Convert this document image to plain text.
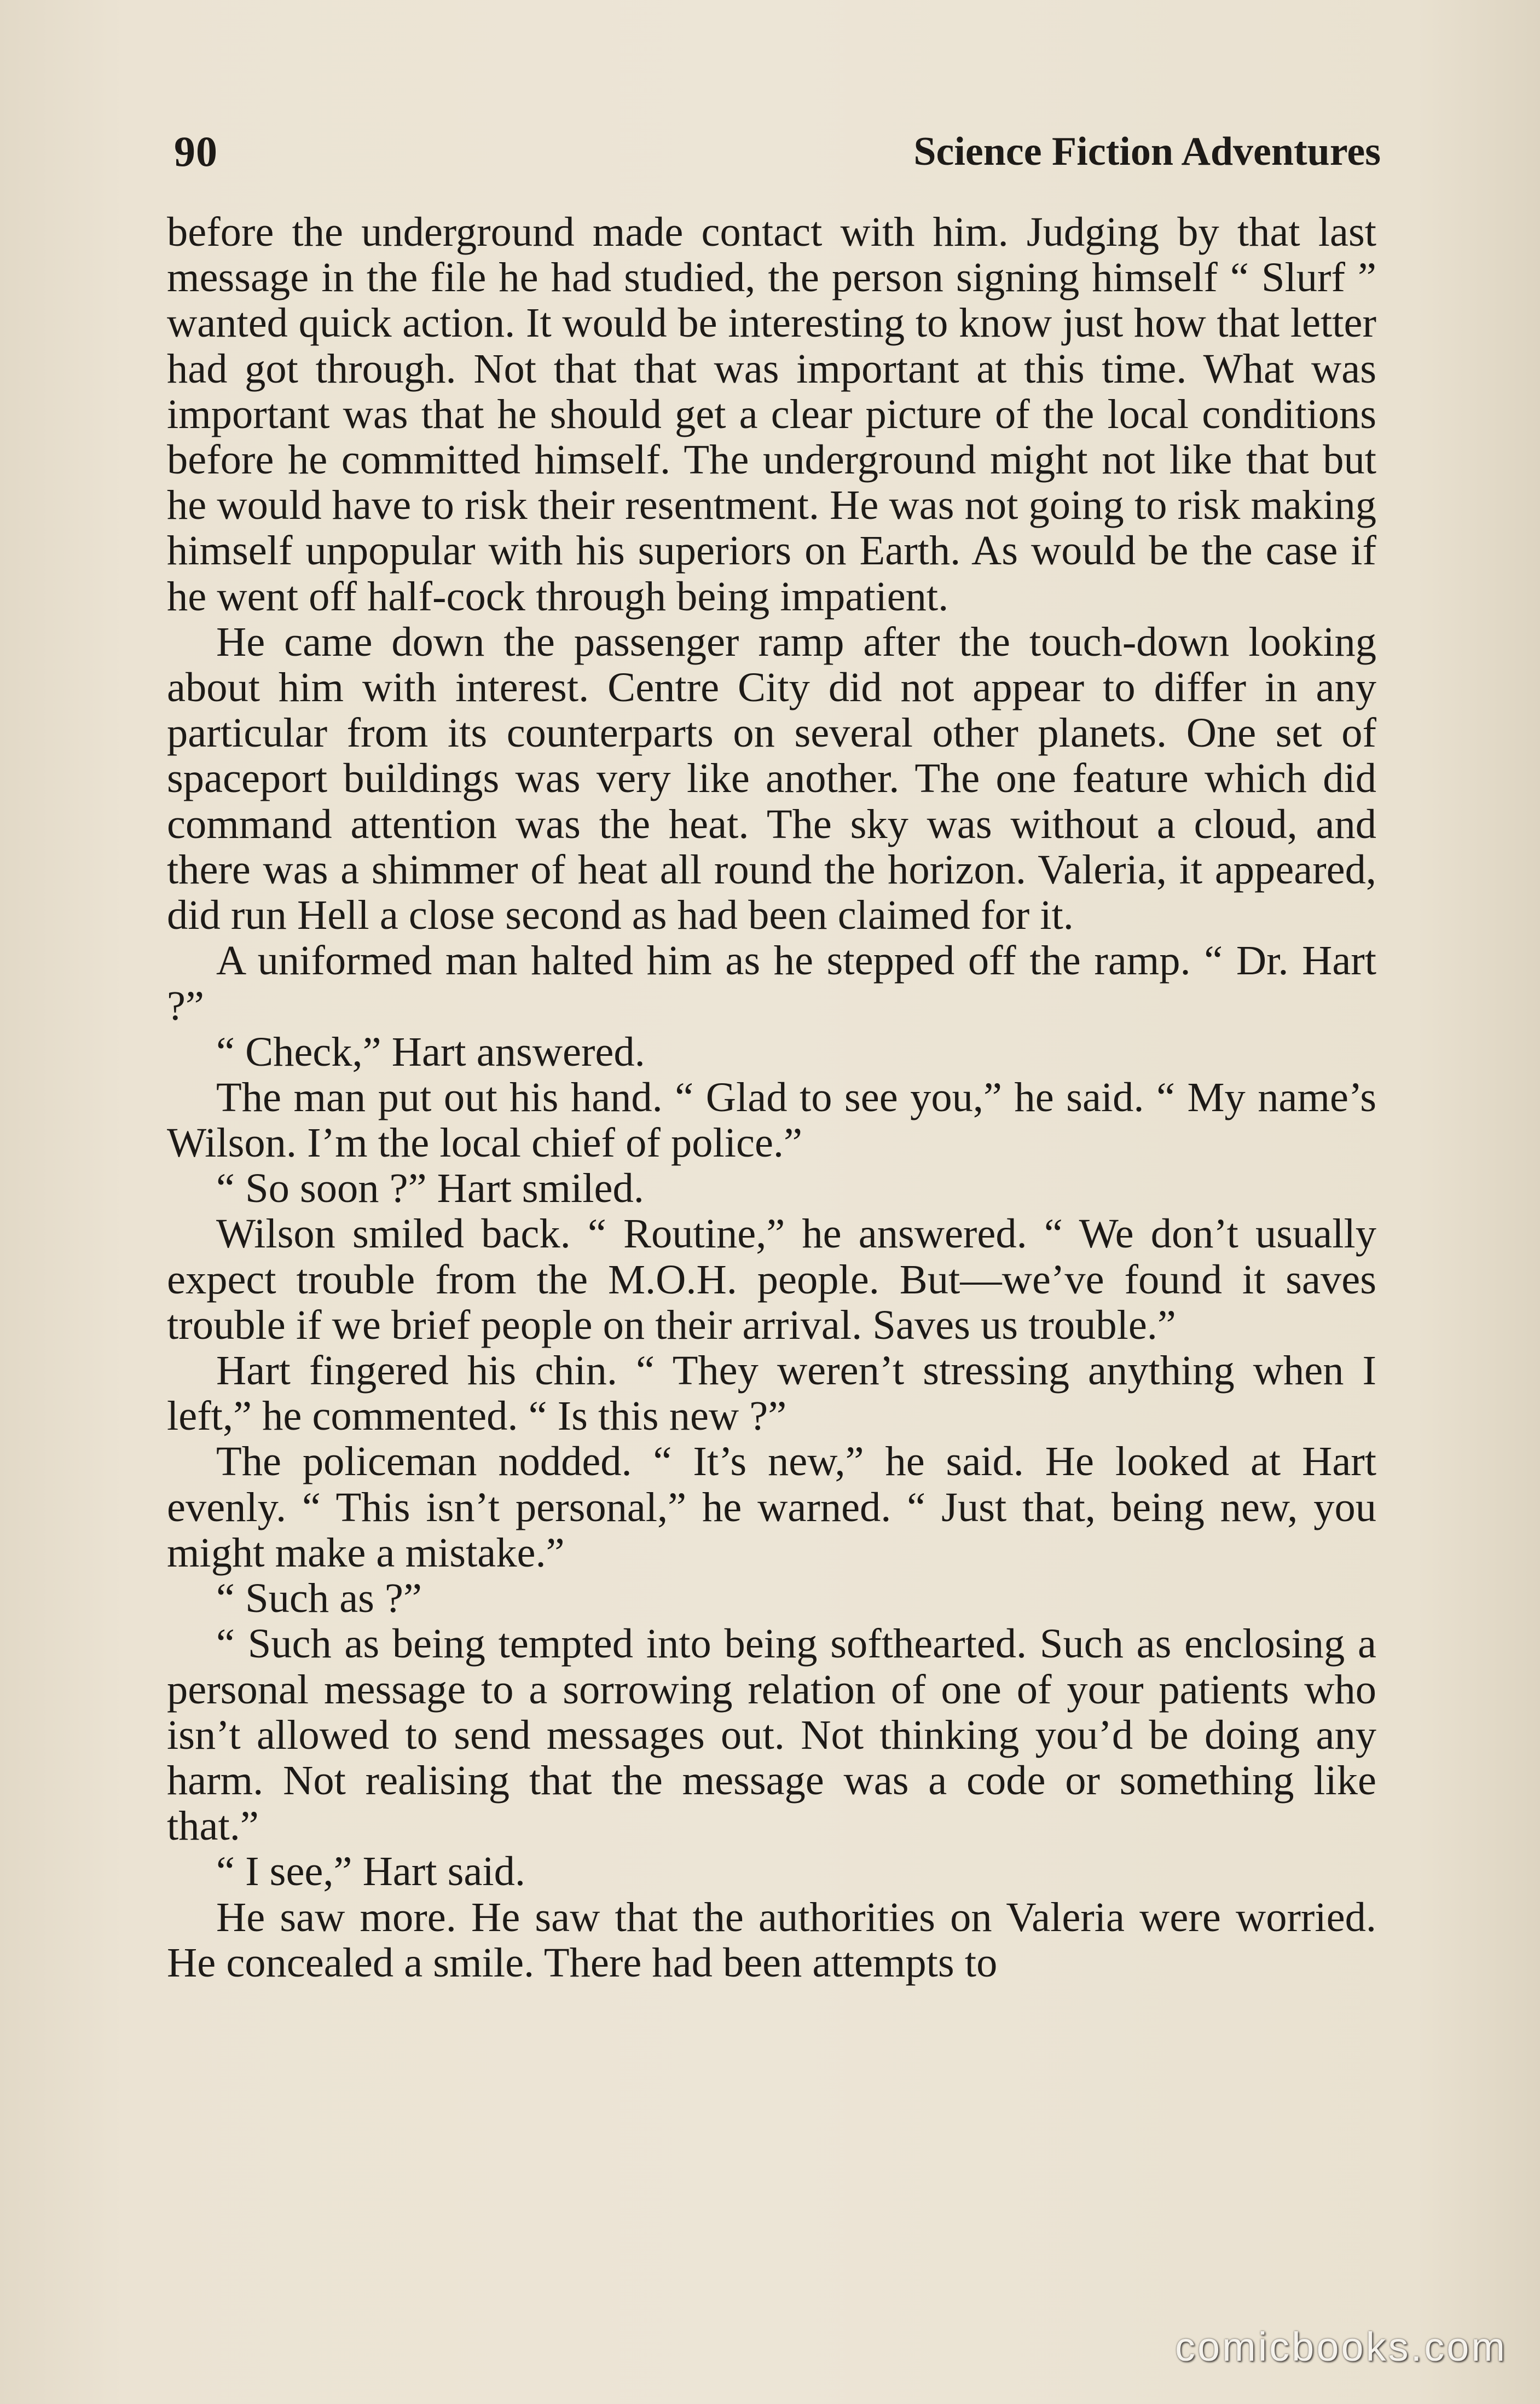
90	Science Fiction Adventures

before the underground made contact with him. Judging by that last message in the file he had studied, the person signing himself “ Slurf ” wanted quick action. It would be interesting to know just how that letter had got through. Not that that was important at this time. What was important was that he should get a clear picture of the local conditions before he committed himself. The underground might not like that but he would have to risk their resentment. He was not going to risk making himself unpopular with his superiors on Earth. As would be the case if he went off half-cock through being impatient.

He came down the passenger ramp after the touch-down looking about him with interest. Centre City did not appear to differ in any particular from its counterparts on several other planets. One set of spaceport buildings was very like another. The one feature which did command attention was the heat. The sky was without a cloud, and there was a shimmer of heat all round the horizon. Valeria, it appeared, did run Hell a close second as had been claimed for it.

A uniformed man halted him as he stepped off the ramp. “ Dr. Hart ?”

“ Check,” Hart answered.

The man put out his hand. “ Glad to see you,” he said. “ My name’s Wilson. I’m the local chief of police.”

“ So soon ?” Hart smiled.

Wilson smiled back. “ Routine,” he answered. “ We don’t usually expect trouble from the M.O.H. people. But—we’ve found it saves trouble if we brief people on their arrival. Saves us trouble.”

Hart fingered his chin. “ They weren’t stressing anything when I left,” he commented. “ Is this new ?”

The policeman nodded. “ It’s new,” he said. He looked at Hart evenly. “ This isn’t personal,” he warned. “ Just that, being new, you might make a mistake.”

“ Such as ?”

“ Such as being tempted into being softhearted. Such as enclosing a personal message to a sorrowing relation of one of your patients who isn’t allowed to send messages out. Not thinking you’d be doing any harm. Not realising that the message was a code or something like that.”

“ I see,” Hart said.

He saw more. He saw that the authorities on Valeria were worried. He concealed a smile. There had been attempts to

comicbooks.com
